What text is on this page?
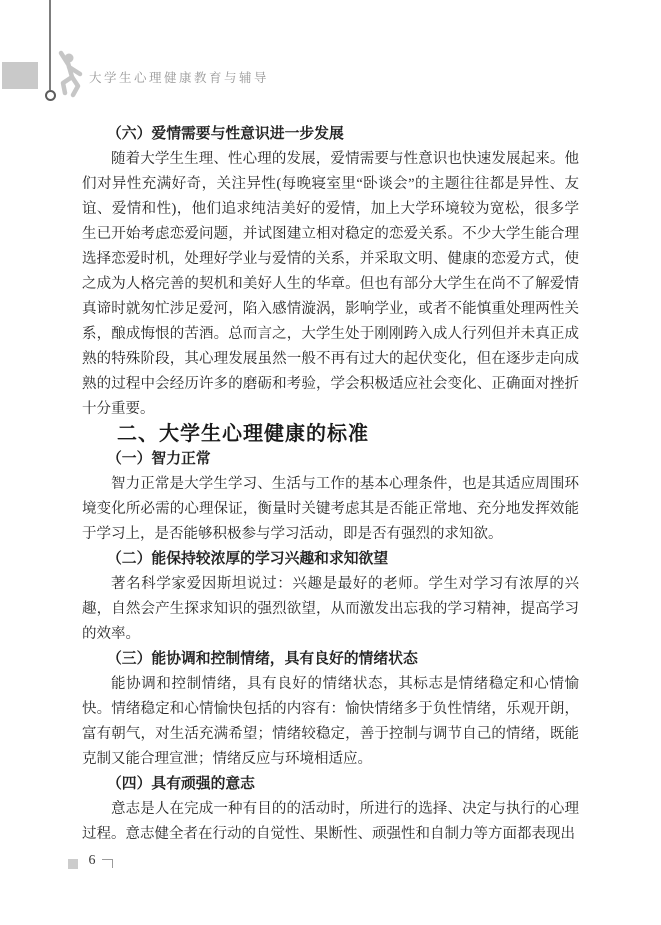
大学生心理健康教育与辅导
（六）爱情需要与性意识进一步发展

随着大学生生理、性心理的发展，爱情需要与性意识也快速发展起来。他们对异性充满好奇，关注异性(每晚寝室里“卧谈会”的主题往往都是异性、友谊、爱情和性)，他们追求纯洁美好的爱情，加上大学环境较为宽松，很多学生已开始考虑恋爱问题，并试图建立相对稳定的恋爱关系。不少大学生能合理选择恋爱时机，处理好学业与爱情的关系，并采取文明、健康的恋爱方式，使之成为人格完善的契机和美好人生的华章。但也有部分大学生在尚不了解爱情真谛时就匆忙涉足爱河，陷入感情漩涡，影响学业，或者不能慎重处理两性关系，酿成悔恨的苦酒。总而言之，大学生处于刚刚跨入成人行列但并未真正成熟的特殊阶段，其心理发展虽然一般不再有过大的起伏变化，但在逐步走向成熟的过程中会经历许多的磨砺和考验，学会积极适应社会变化、正确面对挫折十分重要。

二、大学生心理健康的标准
（一）智力正常

智力正常是大学生学习、生活与工作的基本心理条件，也是其适应周围环境变化所必需的心理保证，衡量时关键考虑其是否能正常地、充分地发挥效能于学习上，是否能够积极参与学习活动，即是否有强烈的求知欲。

（二）能保持较浓厚的学习兴趣和求知欲望

著名科学家爱因斯坦说过：兴趣是最好的老师。学生对学习有浓厚的兴趣，自然会产生探求知识的强烈欲望，从而激发出忘我的学习精神，提高学习的效率。

（三）能协调和控制情绪，具有良好的情绪状态

能协调和控制情绪，具有良好的情绪状态，其标志是情绪稳定和心情愉快。情绪稳定和心情愉快包括的内容有：愉快情绪多于负性情绪，乐观开朗，富有朝气，对生活充满希望；情绪较稳定，善于控制与调节自己的情绪，既能克制又能合理宣泄；情绪反应与环境相适应。

（四）具有顽强的意志

意志是人在完成一种有目的的活动时，所进行的选择、决定与执行的心理过程。意志健全者在行动的自觉性、果断性、顽强性和自制力等方面都表现出

6
